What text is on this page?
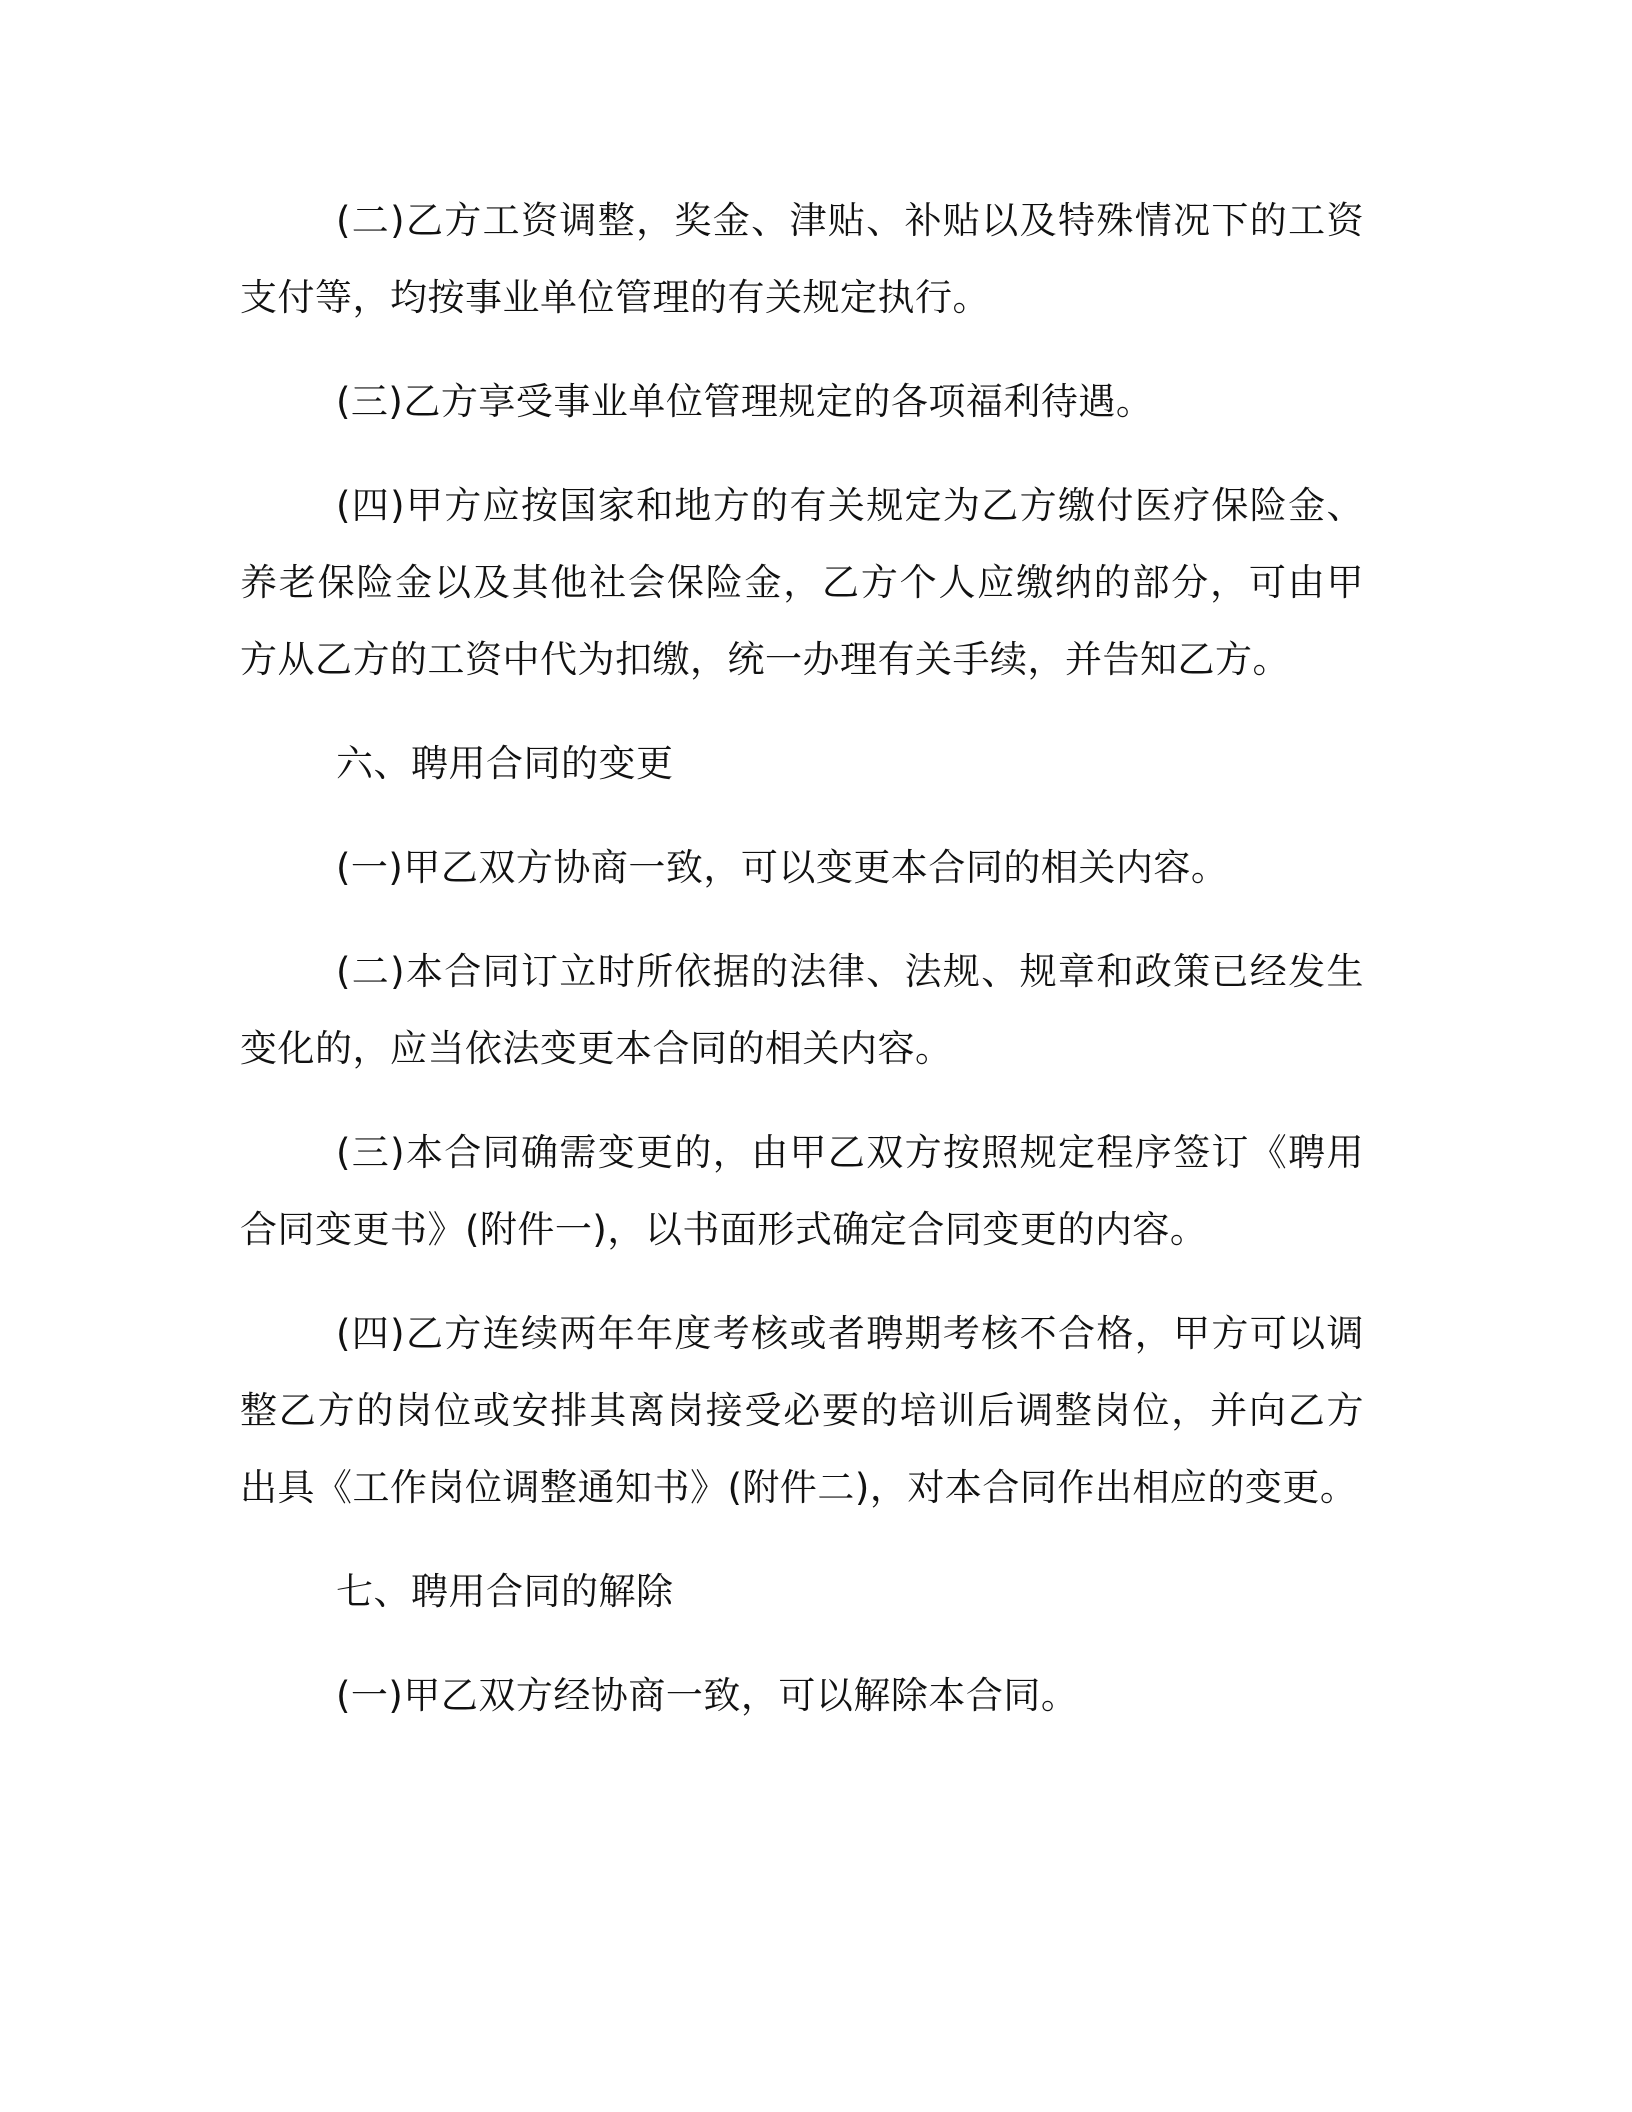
(二)乙方工资调整，奖金、津贴、补贴以及特殊情况下的工资支付等，均按事业单位管理的有关规定执行。

(三)乙方享受事业单位管理规定的各项福利待遇。

(四)甲方应按国家和地方的有关规定为乙方缴付医疗保险金、养老保险金以及其他社会保险金，乙方个人应缴纳的部分，可由甲方从乙方的工资中代为扣缴，统一办理有关手续，并告知乙方。

六、聘用合同的变更

(一)甲乙双方协商一致，可以变更本合同的相关内容。

(二)本合同订立时所依据的法律、法规、规章和政策已经发生变化的，应当依法变更本合同的相关内容。

(三)本合同确需变更的，由甲乙双方按照规定程序签订《聘用合同变更书》(附件一)，以书面形式确定合同变更的内容。

(四)乙方连续两年年度考核或者聘期考核不合格，甲方可以调整乙方的岗位或安排其离岗接受必要的培训后调整岗位，并向乙方出具《工作岗位调整通知书》(附件二)，对本合同作出相应的变更。

七、聘用合同的解除

(一)甲乙双方经协商一致，可以解除本合同。
